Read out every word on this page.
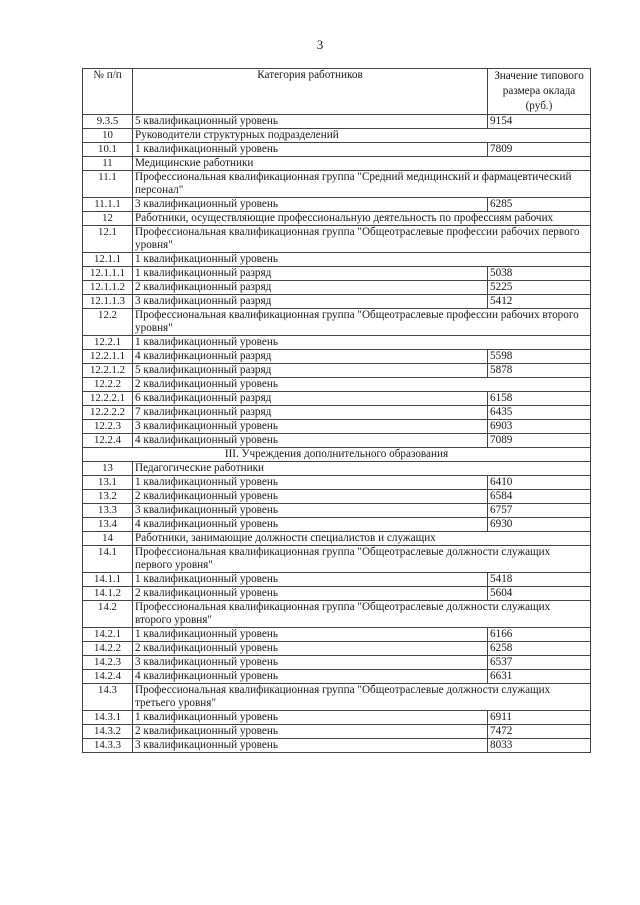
3
№ п/п	Категория работников	Значение типового размера оклада (руб.)
9.3.5	5 квалификационный уровень	9154
10	Руководители структурных подразделений	
10.1	1 квалификационный уровень	7809
11	Медицинские работники	
11.1	Профессиональная квалификационная группа "Средний медицинский и фармацевтический персонал"	
11.1.1	3 квалификационный уровень	6285
12	Работники, осуществляющие профессиональную деятельность по профессиям рабочих	
12.1	Профессиональная квалификационная группа "Общеотраслевые профессии рабочих первого уровня"	
12.1.1	1 квалификационный уровень	
12.1.1.1	1 квалификационный разряд	5038
12.1.1.2	2 квалификационный разряд	5225
12.1.1.3	3 квалификационный разряд	5412
12.2	Профессиональная квалификационная группа "Общеотраслевые профессии рабочих второго уровня"	
12.2.1	1 квалификационный уровень	
12.2.1.1	4 квалификационный разряд	5598
12.2.1.2	5 квалификационный разряд	5878
12.2.2	2 квалификационный уровень	
12.2.2.1	6 квалификационный разряд	6158
12.2.2.2	7 квалификационный разряд	6435
12.2.3	3 квалификационный уровень	6903
12.2.4	4 квалификационный уровень	7089
III. Учреждения дополнительного образования		
13	Педагогические работники	
13.1	1 квалификационный уровень	6410
13.2	2 квалификационный уровень	6584
13.3	3 квалификационный уровень	6757
13.4	4 квалификационный уровень	6930
14	Работники, занимающие должности специалистов и служащих	
14.1	Профессиональная квалификационная группа "Общеотраслевые должности служащих первого уровня"	
14.1.1	1 квалификационный уровень	5418
14.1.2	2 квалификационный уровень	5604
14.2	Профессиональная квалификационная группа "Общеотраслевые должности служащих второго уровня"	
14.2.1	1 квалификационный уровень	6166
14.2.2	2 квалификационный уровень	6258
14.2.3	3 квалификационный уровень	6537
14.2.4	4 квалификационный уровень	6631
14.3	Профессиональная квалификационная группа "Общеотраслевые должности служащих третьего уровня"	
14.3.1	1 квалификационный уровень	6911
14.3.2	2 квалификационный уровень	7472
14.3.3	3 квалификационный уровень	8033
